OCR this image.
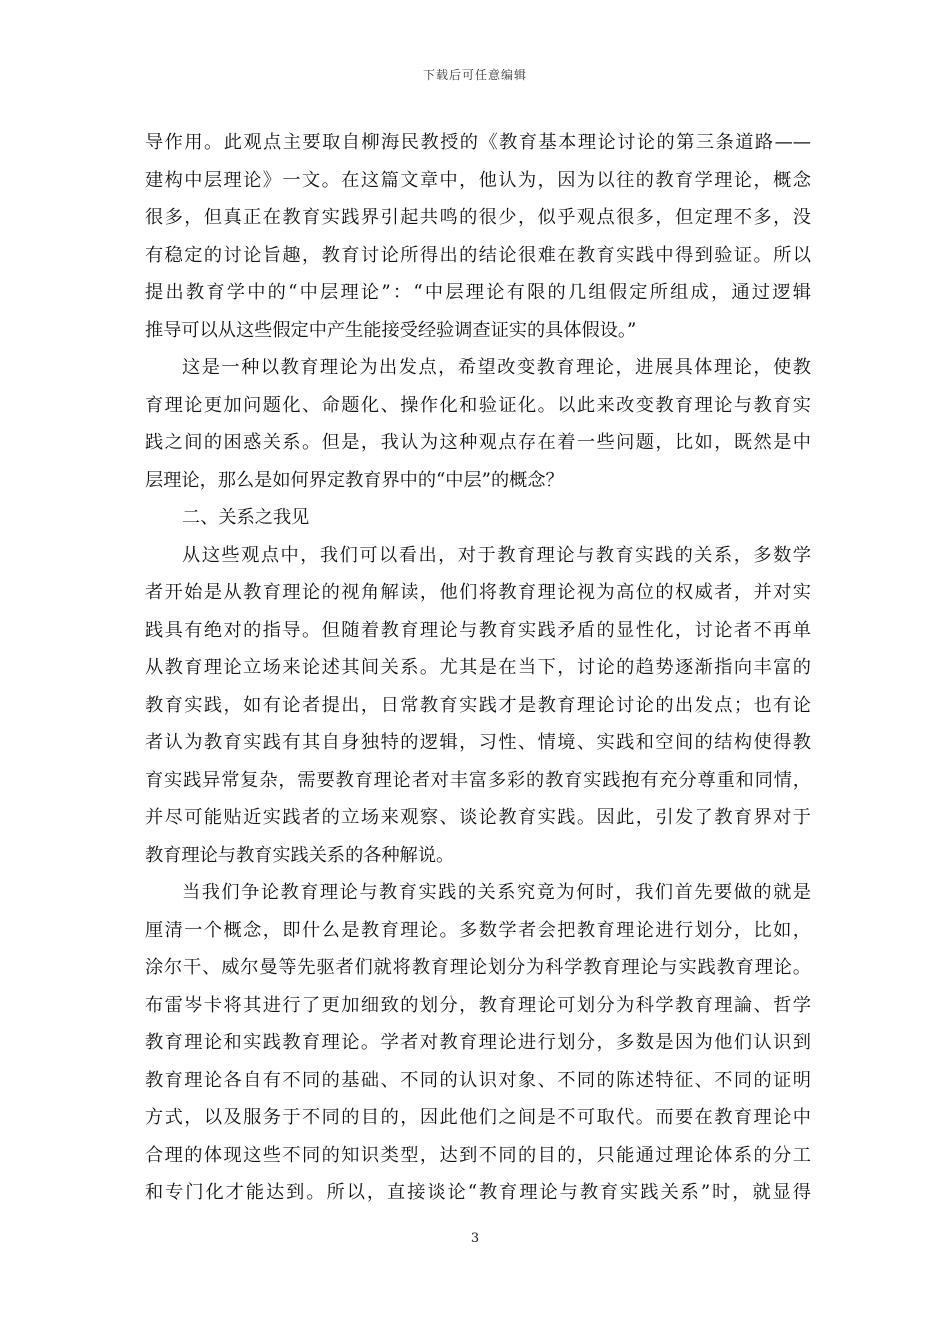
下载后可任意编辑
导作用。此观点主要取自柳海民教授的《教育基本理论讨论的第三条道路——
建构中层理论》一文。在这篇文章中，他认为，因为以往的教育学理论，概念
很多，但真正在教育实践界引起共鸣的很少，似乎观点很多，但定理不多，没
有稳定的讨论旨趣，教育讨论所得出的结论很难在教育实践中得到验证。所以
提出教育学中的“中层理论”：“中层理论有限的几组假定所组成，通过逻辑
推导可以从这些假定中产生能接受经验调查证实的具体假设。”
这是一种以教育理论为出发点，希望改变教育理论，进展具体理论，使教
育理论更加问题化、命题化、操作化和验证化。以此来改变教育理论与教育实
践之间的困惑关系。但是，我认为这种观点存在着一些问题，比如，既然是中
层理论，那么是如何界定教育界中的“中层”的概念？
二、关系之我见
从这些观点中，我们可以看出，对于教育理论与教育实践的关系，多数学
者开始是从教育理论的视角解读，他们将教育理论视为高位的权威者，并对实
践具有绝对的指导。但随着教育理论与教育实践矛盾的显性化，讨论者不再单
从教育理论立场来论述其间关系。尤其是在当下，讨论的趋势逐渐指向丰富的
教育实践，如有论者提出，日常教育实践才是教育理论讨论的出发点；也有论
者认为教育实践有其自身独特的逻辑，习性、情境、实践和空间的结构使得教
育实践异常复杂，需要教育理论者对丰富多彩的教育实践抱有充分尊重和同情，
并尽可能贴近实践者的立场来观察、谈论教育实践。因此，引发了教育界对于
教育理论与教育实践关系的各种解说。
当我们争论教育理论与教育实践的关系究竟为何时，我们首先要做的就是
厘清一个概念，即什么是教育理论。多数学者会把教育理论进行划分，比如，
涂尔干、威尔曼等先驱者们就将教育理论划分为科学教育理论与实践教育理论。
布雷岑卡将其进行了更加细致的划分，教育理论可划分为科学教育理論、哲学
教育理论和实践教育理论。学者对教育理论进行划分，多数是因为他们认识到
教育理论各自有不同的基础、不同的认识对象、不同的陈述特征、不同的证明
方式，以及服务于不同的目的，因此他们之间是不可取代。而要在教育理论中
合理的体现这些不同的知识类型，达到不同的目的，只能通过理论体系的分工
和专门化才能达到。所以，直接谈论“教育理论与教育实践关系”时，就显得
3
